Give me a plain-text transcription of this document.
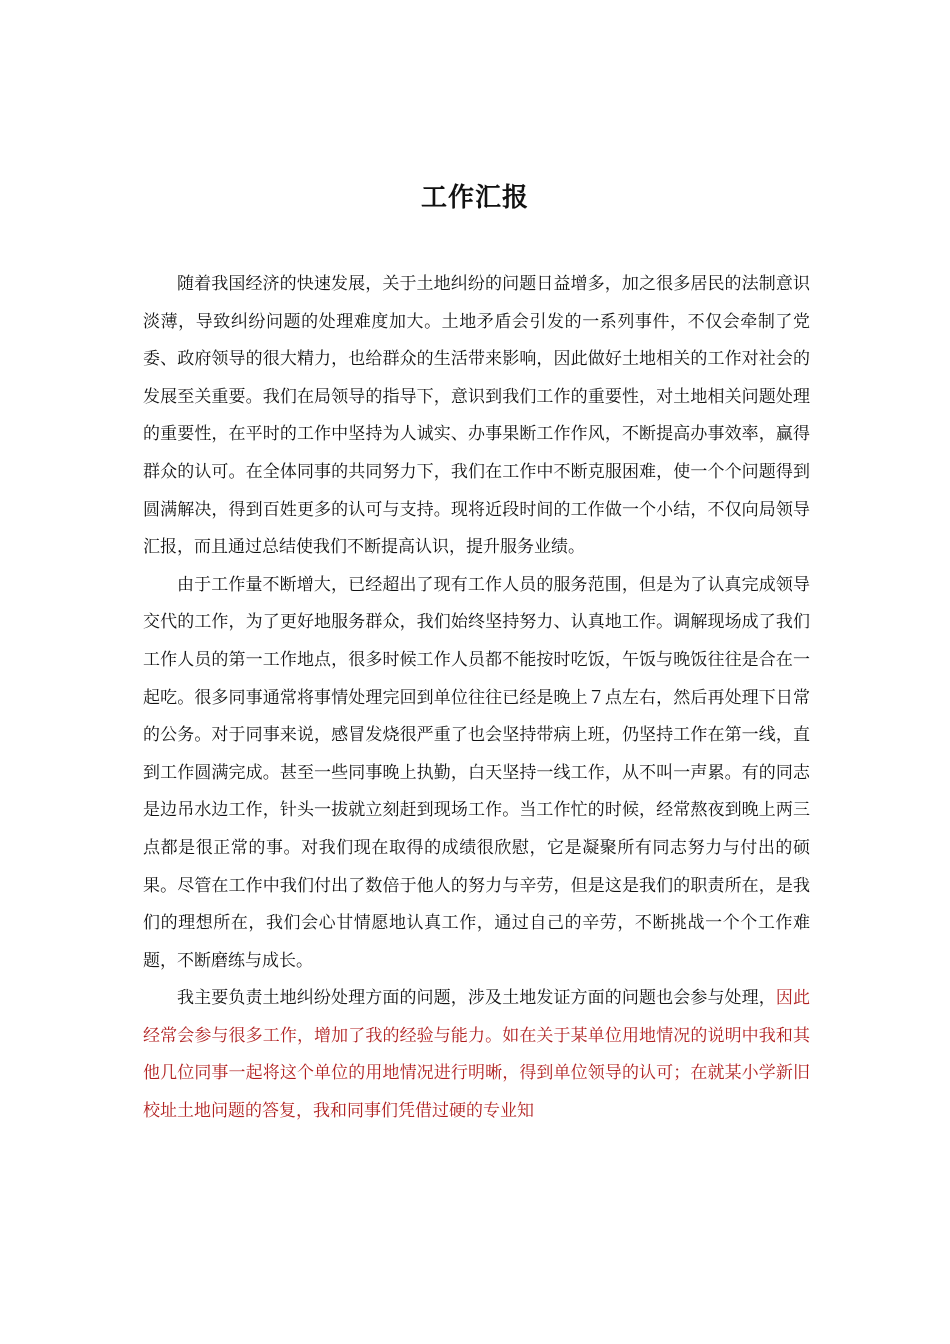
工作汇报

随着我国经济的快速发展，关于土地纠纷的问题日益增多，加之很多居民的法制意识淡薄，导致纠纷问题的处理难度加大。土地矛盾会引发的一系列事件，不仅会牵制了党委、政府领导的很大精力，也给群众的生活带来影响，因此做好土地相关的工作对社会的发展至关重要。我们在局领导的指导下，意识到我们工作的重要性，对土地相关问题处理的重要性，在平时的工作中坚持为人诚实、办事果断工作作风，不断提高办事效率，赢得群众的认可。在全体同事的共同努力下，我们在工作中不断克服困难，使一个个问题得到圆满解决，得到百姓更多的认可与支持。现将近段时间的工作做一个小结，不仅向局领导汇报，而且通过总结使我们不断提高认识，提升服务业绩。

由于工作量不断增大，已经超出了现有工作人员的服务范围，但是为了认真完成领导交代的工作，为了更好地服务群众，我们始终坚持努力、认真地工作。调解现场成了我们工作人员的第一工作地点，很多时候工作人员都不能按时吃饭，午饭与晚饭往往是合在一起吃。很多同事通常将事情处理完回到单位往往已经是晚上７点左右，然后再处理下日常的公务。对于同事来说，感冒发烧很严重了也会坚持带病上班，仍坚持工作在第一线，直到工作圆满完成。甚至一些同事晚上执勤，白天坚持一线工作，从不叫一声累。有的同志是边吊水边工作，针头一拔就立刻赶到现场工作。当工作忙的时候，经常熬夜到晚上两三点都是很正常的事。对我们现在取得的成绩很欣慰，它是凝聚所有同志努力与付出的硕果。尽管在工作中我们付出了数倍于他人的努力与辛劳，但是这是我们的职责所在，是我们的理想所在，我们会心甘情愿地认真工作，通过自己的辛劳，不断挑战一个个工作难题，不断磨练与成长。

我主要负责土地纠纷处理方面的问题，涉及土地发证方面的问题也会参与处理，因此经常会参与很多工作，增加了我的经验与能力。如在关于某单位用地情况的说明中我和其他几位同事一起将这个单位的用地情况进行明晰，得到单位领导的认可；在就某小学新旧校址土地问题的答复，我和同事们凭借过硬的专业知
